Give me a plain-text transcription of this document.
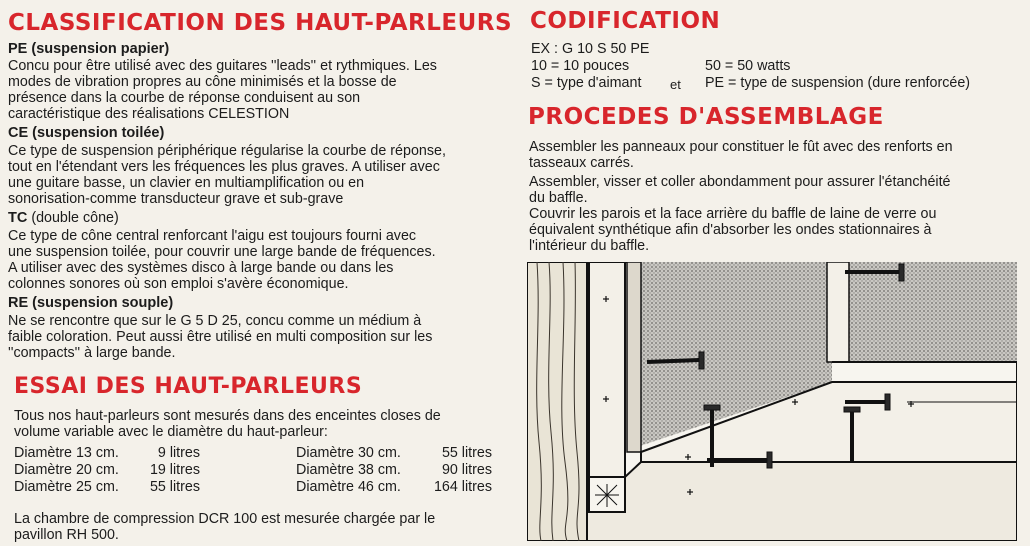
CLASSIFICATION DES HAUT-PARLEURS
PE (suspension papier)
Concu pour être utilisé avec des guitares ''leads'' et rythmiques. Les
modes de vibration propres au cône minimisés et la bosse de
présence dans la courbe de réponse conduisent au son
caractéristique des réalisations CELESTION
CE (suspension toilée)
Ce type de suspension périphérique régularise la courbe de réponse,
tout en l'étendant vers les fréquences les plus graves. A utiliser avec
une guitare basse, un clavier en multiamplification ou en
sonorisation-comme transducteur grave et sub-grave
TC (double cône)
Ce type de cône central renforcant l'aigu est toujours fourni avec
une suspension toilée, pour couvrir une large bande de fréquences.
A utiliser avec des systèmes disco à large bande ou dans les
colonnes sonores où son emploi s'avère économique.
RE (suspension souple)
Ne se rencontre que sur le G 5 D 25, concu comme un médium à
faible coloration. Peut aussi être utilisé en multi composition sur les
''compacts'' à large bande.
ESSAI DES HAUT-PARLEURS
Tous nos haut-parleurs sont mesurés dans des enceintes closes de
volume variable avec le diamètre du haut-parleur:
Diamètre 13 cm.
Diamètre 20 cm.
Diamètre 25 cm.
9 litres
19 litres
55 litres
Diamètre 30 cm.
Diamètre 38 cm.
Diamètre 46 cm.
55 litres
90 litres
164 litres
La chambre de compression DCR 100 est mesurée chargée par le
pavillon RH 500.
CODIFICATION
EX : G 10 S 50 PE
10 = 10 pouces	50 = 50 watts
S = type d'aimant et PE = type de suspension (dure renforcée)
PROCEDES D'ASSEMBLAGE
Assembler les panneaux pour constituer le fût avec des renforts en
tasseaux carrés.
Assembler, visser et coller abondamment pour assurer l'étanchéité
du baffle.
Couvrir les parois et la face arrière du baffle de laine de verre ou
équivalent synthétique afin d'absorber les ondes stationnaires à
l'intérieur du baffle.
